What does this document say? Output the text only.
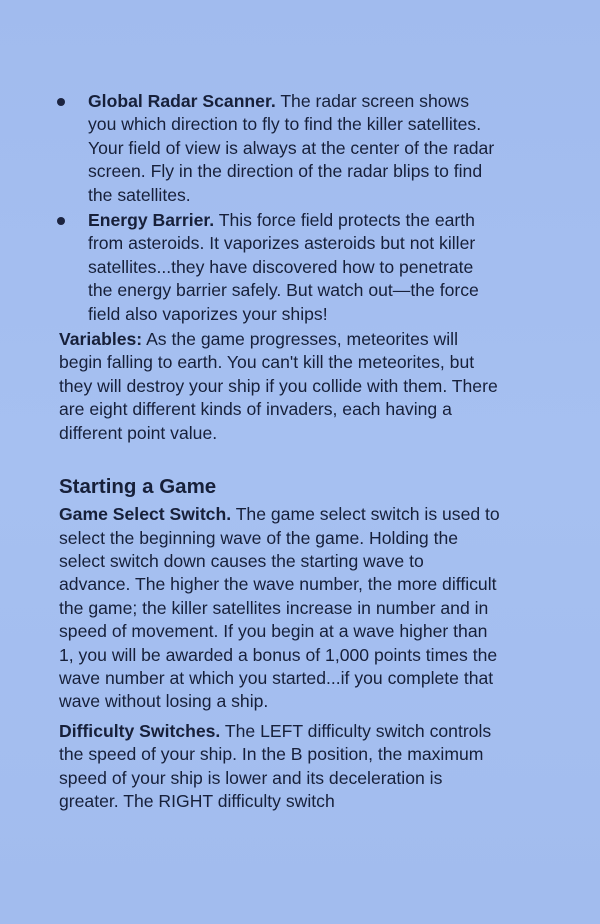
Global Radar Scanner. The radar screen shows you which direction to fly to find the killer satellites. Your field of view is always at the center of the radar screen. Fly in the direction of the radar blips to find the satellites.
Energy Barrier. This force field protects the earth from asteroids. It vaporizes asteroids but not killer satellites...they have discovered how to penetrate the energy barrier safely. But watch out—the force field also vaporizes your ships!

Variables: As the game progresses, meteorites will begin falling to earth. You can't kill the meteorites, but they will destroy your ship if you collide with them. There are eight different kinds of invaders, each having a different point value.

Starting a Game

Game Select Switch. The game select switch is used to select the beginning wave of the game. Holding the select switch down causes the starting wave to advance. The higher the wave number, the more difficult the game; the killer satellites increase in number and in speed of movement. If you begin at a wave higher than 1, you will be awarded a bonus of 1,000 points times the wave number at which you started...if you complete that wave without losing a ship.

Difficulty Switches. The LEFT difficulty switch controls the speed of your ship. In the B position, the maximum speed of your ship is lower and its deceleration is greater. The RIGHT difficulty switch
